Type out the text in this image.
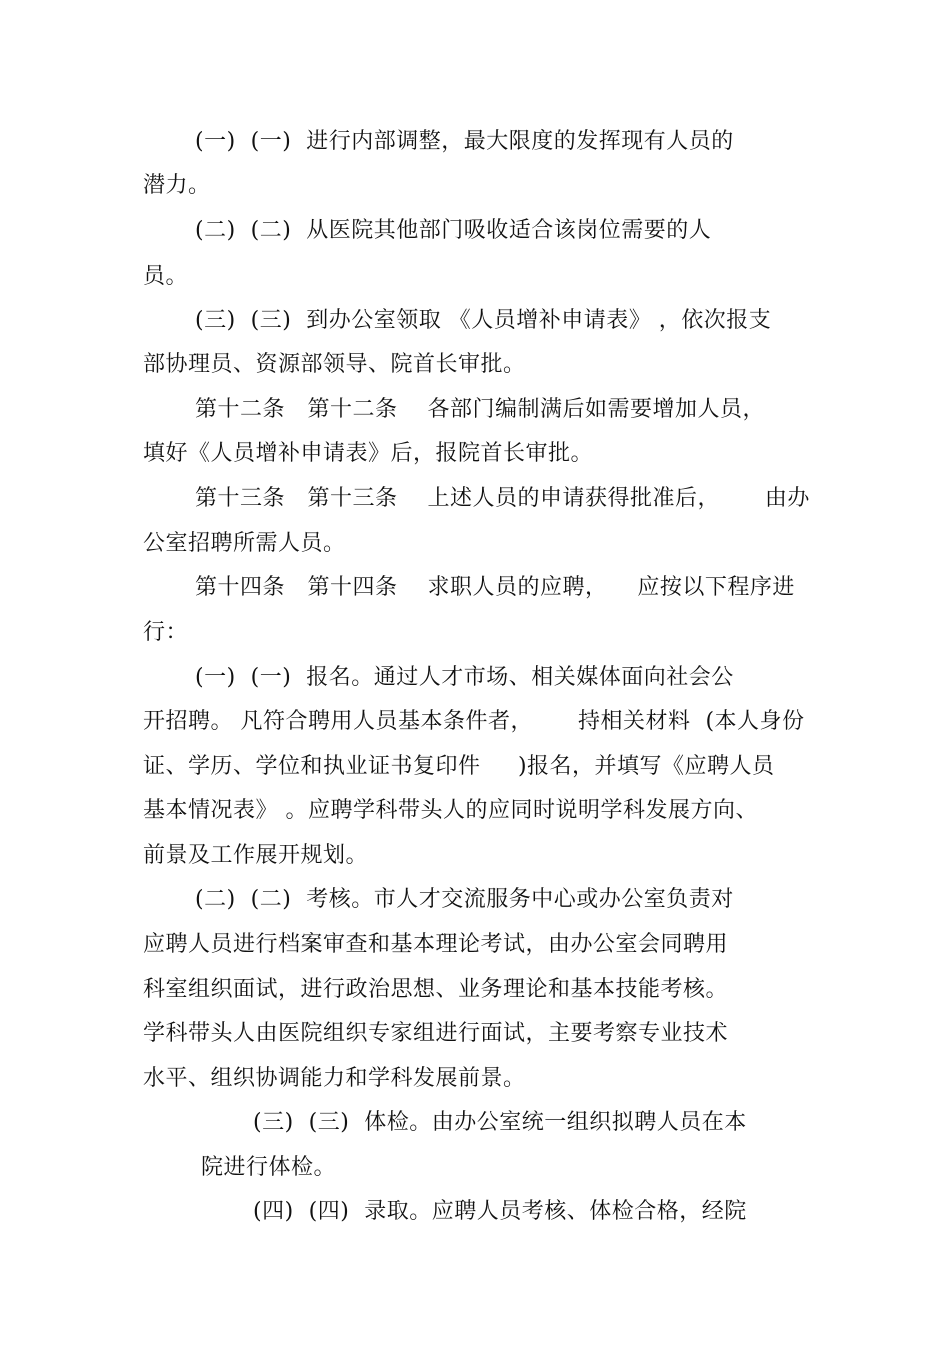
(一)  (一)  进行内部调整，最大限度的发挥现有人员的
潜力。
(二)  (二)  从医院其他部门吸收适合该岗位需要的人
员。
(三)  (三)  到办公室领取 《人员增补申请表》 ，依次报支
部协理员、资源部领导、院首长审批。
第十二条   第十二条    各部门编制满后如需要增加人员，
填好《人员增补申请表》后，报院首长审批。
第十三条   第十三条    上述人员的申请获得批准后，      由办
公室招聘所需人员。
第十四条   第十四条    求职人员的应聘，    应按以下程序进
行：
(一)  (一)  报名。通过人才市场、相关媒体面向社会公
开招聘。 凡符合聘用人员基本条件者，      持相关材料  (本人身份
证、学历、学位和执业证书复印件     )报名，并填写《应聘人员
基本情况表》 。应聘学科带头人的应同时说明学科发展方向、
前景及工作展开规划。
(二)  (二)  考核。市人才交流服务中心或办公室负责对
应聘人员进行档案审查和基本理论考试，由办公室会同聘用
科室组织面试，进行政治思想、业务理论和基本技能考核。
学科带头人由医院组织专家组进行面试，主要考察专业技术
水平、组织协调能力和学科发展前景。
(三)  (三)  体检。由办公室统一组织拟聘人员在本
院进行体检。
(四)  (四)  录取。应聘人员考核、体检合格，经院
